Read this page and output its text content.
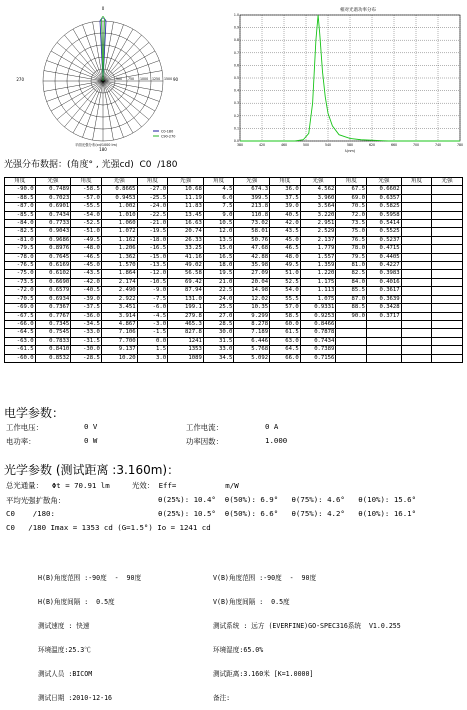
0
90
180
270	1500
1250
1000
750
500
C0-180
C90-270
平面光强分布(cd/1000 lm)
相对光谱功率分布
380	420	460	500	540	580	620	660	700	740	780
0.0
0.1
0.2
0.3
0.4
0.5
0.6
0.7
0.8
0.9
1.0
λ(nm)
光强分布数据：(角度° , 光强cd)  C0  /180
角度	光强	角度	光强	角度	光强	角度	光强	角度	光强	角度	光强	角度	光强
-90.0	0.7489	-58.5	0.8665	-27.0	10.68	4.5	674.3	36.0	4.562	67.5	0.6602		
-88.5	0.7023	-57.0	0.9453	-25.5	11.19	6.0	399.5	37.5	3.960	69.0	0.6357		
-87.0	0.6901	-55.5	1.002	-24.0	11.83	7.5	213.8	39.0	3.564	70.5	0.5825		
-85.5	0.7434	-54.0	1.010	-22.5	13.45	9.0	110.8	40.5	3.220	72.0	0.5958		
-84.0	0.7733	-52.5	1.060	-21.0	16.63	10.5	73.02	42.0	2.951	73.5	0.5414		
-82.5	0.9043	-51.0	1.072	-19.5	20.74	12.0	58.01	43.5	2.529	75.0	0.5525		
-81.0	0.9686	-49.5	1.162	-18.0	26.33	13.5	50.76	45.0	2.137	76.5	0.5237		
-79.5	0.8976	-48.0	1.206	-16.5	33.25	15.0	47.68	46.5	1.779	78.0	0.4715		
-78.0	0.7645	-46.5	1.362	-15.0	41.16	16.5	42.88	48.0	1.557	79.5	0.4405		
-76.5	0.6169	-45.0	1.570	-13.5	49.02	18.0	35.98	49.5	1.359	81.0	0.4227		
-75.0	0.6102	-43.5	1.864	-12.0	56.58	19.5	27.09	51.0	1.220	82.5	0.3983		
-73.5	0.6690	-42.0	2.174	-10.5	69.42	21.0	20.04	52.5	1.175	84.0	0.4016		
-72.0	0.6579	-40.5	2.490	-9.0	87.94	22.5	14.98	54.0	1.113	85.5	0.3617		
-70.5	0.6934	-39.0	2.922	-7.5	131.0	24.0	12.02	55.5	1.075	87.0	0.3639		
-69.0	0.7367	-37.5	3.451	-6.0	199.1	25.5	10.35	57.0	0.9331	88.5	0.3428		
-67.5	0.7767	-36.0	3.914	-4.5	279.8	27.0	9.299	58.5	0.9253	90.0	0.3717		
-66.0	0.7345	-34.5	4.867	-3.0	465.3	28.5	8.278	60.0	0.8466				
-64.5	0.7545	-33.0	7.106	-1.5	827.8	30.0	7.189	61.5	0.7878				
-63.0	0.7833	-31.5	7.700	0.0	1241	31.5	6.446	63.0	0.7434				
-61.5	0.8410	-30.0	9.137	1.5	1353	33.0	5.768	64.5	0.7389				
-60.0	0.8532	-28.5	10.20	3.0	1089	34.5	5.092	66.0	0.7156				
电学参数：
工作电压：	0 V	工作电流：	0 A
电功率：	0 W	功率因数：	1.000
光学参数 (测试距离 :3.160m)：
总光通量：  Φt = 70.91 lm     光效： Eff=           m/W
平均光强扩散角：	θ(25%): 10.4°  θ(50%): 6.9°   θ(75%): 4.6°   θ(10%): 15.6°
C0    /180:	θ(25%): 10.5°  θ(50%): 6.6°   θ(75%): 4.2°   θ(10%): 16.1°
C0   /180 Imax = 1353 cd (G=1.5°) Io = 1241 cd

H(B)角度范围 :-90度  -  90度

H(B)角度间隔 :  0.5度

测试速度 : 快速

环境温度:25.3℃

测试人员 :BICOM

测试日期 :2010-12-16

V(B)角度范围 :-90度  -  90度

V(B)角度间隔 :  0.5度

测试系统 : 远方 (EVERFINE)GO-SPEC316系统  V1.0.255

环境湿度:65.0%

测试距离:3.160米 [K=1.0000]

备注:
